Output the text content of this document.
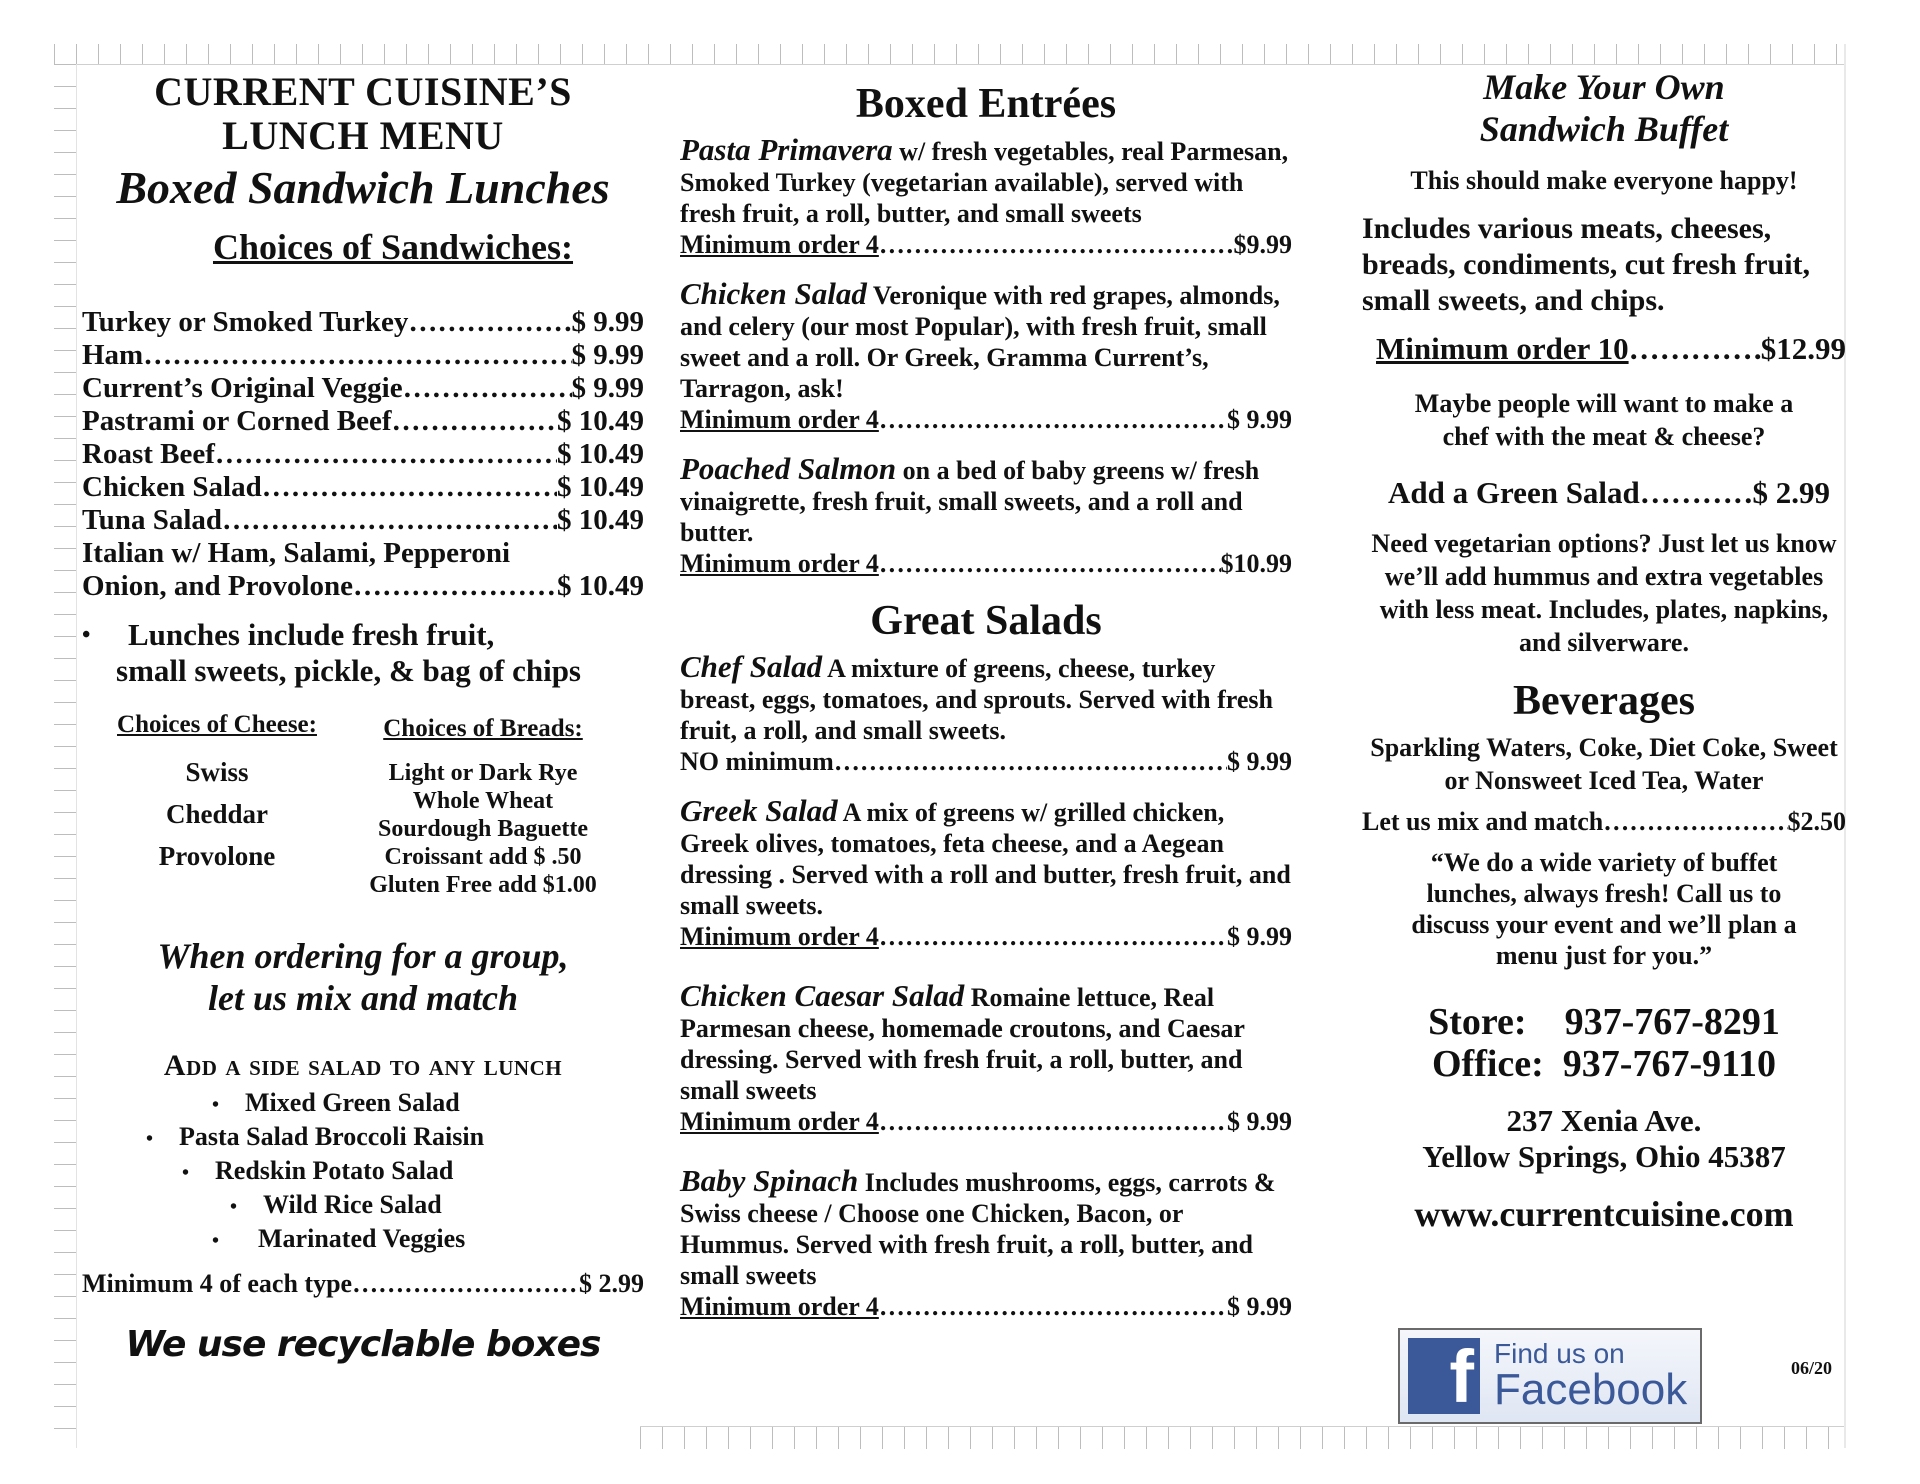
CURRENT CUISINE’S
LUNCH MENU
Boxed Sandwich Lunches
Choices of Sandwiches:
Turkey or Smoked Turkey ……………………………………………………………………………	$ 9.99
Ham ……………………………………………………………………………	$ 9.99
Current’s Original Veggie ……………………………………………………………………………	$ 9.99
Pastrami or Corned Beef ……………………………………………………………………………	$ 10.49
Roast Beef ……………………………………………………………………………	$ 10.49
Chicken Salad ……………………………………………………………………………	$ 10.49
Tuna Salad ……………………………………………………………………………	$ 10.49
Italian w/ Ham, Salami, Pepperoni
Onion, and Provolone ……………………………………………………………………………	$ 10.49
• Lunches include fresh fruit,
small sweets, pickle, & bag of chips
Choices of Cheese:
Swiss
Cheddar
Provolone
Choices of Breads:
Light or Dark Rye
Whole Wheat
Sourdough Baguette
Croissant add $ .50
Gluten Free add $1.00
When ordering for a group,
let us mix and match
Add a side salad to any lunch
• Mixed Green Salad
• Pasta Salad Broccoli Raisin
• Redskin Potato Salad
• Wild Rice Salad
• Marinated Veggies
Minimum 4 of each type ……………………………………………………………………………	$ 2.99
We use recyclable boxes
Boxed Entrées
Pasta Primavera w/ fresh vegetables, real Parmesan, Smoked Turkey (vegetarian available), served with fresh fruit, a roll, butter, and small sweets
Minimum order 4 ………………………………………………………………………	$9.99
Chicken Salad Veronique with red grapes, almonds, and celery (our most Popular), with fresh fruit, small sweet and a roll. Or Greek, Gramma Current’s, Tarragon, ask!
Minimum order 4 ………………………………………………………………………	$ 9.99
Poached Salmon on a bed of baby greens w/ fresh vinaigrette, fresh fruit, small sweets, and a roll and butter.
Minimum order 4 ………………………………………………………………………	$10.99
Great Salads
Chef Salad A mixture of greens, cheese, turkey breast, eggs, tomatoes, and sprouts. Served with fresh fruit, a roll, and small sweets.
NO minimum ………………………………………………………………………	$ 9.99
Greek Salad A mix of greens w/ grilled chicken, Greek olives, tomatoes, feta cheese, and a Aegean dressing . Served with a roll and butter, fresh fruit, and small sweets.
Minimum order 4 ………………………………………………………………………	$ 9.99
Chicken Caesar Salad Romaine lettuce, Real Parmesan cheese, homemade croutons, and Caesar dressing. Served with fresh fruit, a roll, butter, and small sweets
Minimum order 4 ………………………………………………………………………	$ 9.99
Baby Spinach Includes mushrooms, eggs, carrots & Swiss cheese / Choose one Chicken, Bacon, or Hummus. Served with fresh fruit, a roll, butter, and small sweets
Minimum order 4 ………………………………………………………………………	$ 9.99
Make Your Own
Sandwich Buffet
This should make everyone happy!
Includes various meats, cheeses, breads, condiments, cut fresh fruit, small sweets, and chips.
Minimum order 10 ………………………………………………	$12.99
Maybe people will want to make a chef with the meat & cheese?
Add a Green Salad ………………………………………………	$ 2.99
Need vegetarian options? Just let us know we’ll add hummus and extra vegetables with less meat. Includes, plates, napkins, and silverware.
Beverages
Sparkling Waters, Coke, Diet Coke, Sweet or Nonsweet Iced Tea, Water
Let us mix and match ………………………………………………	$2.50
“We do a wide variety of buffet lunches, always fresh! Call us to discuss your event and we’ll plan a menu just for you.”
Store: 937-767-8291
Office: 937-767-9110
237 Xenia Ave.
Yellow Springs, Ohio 45387
www.currentcuisine.com
f Find us on
Facebook	06/20
